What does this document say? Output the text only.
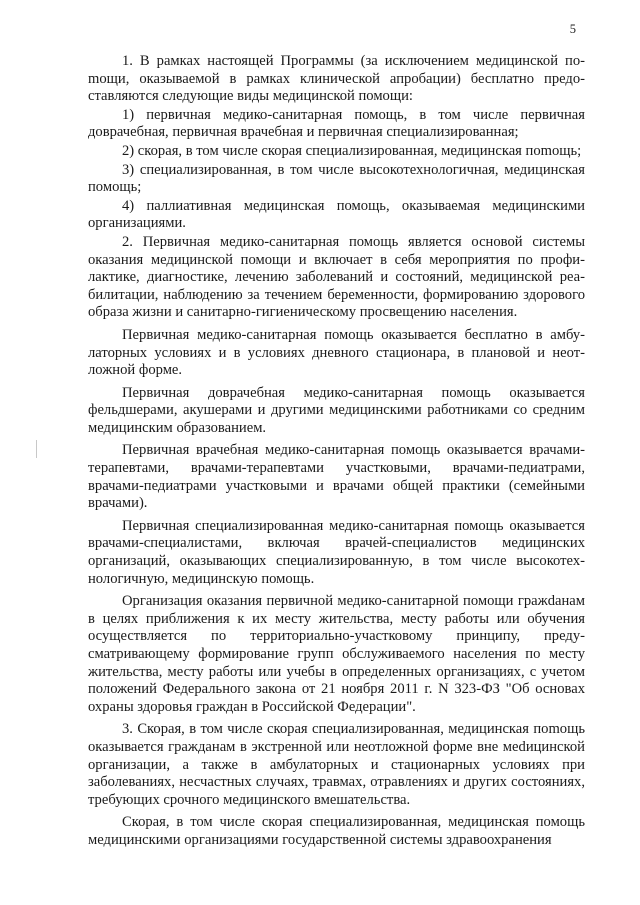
5

1. В рамках настоящей Программы (за исключением медицинской поmощи, оказываемой в рамках клинической апробации) бесплатно предоставляются следующие виды медицинской помощи:

1) первичная медико-санитарная помощь, в том числе первичная доврачебная, первичная врачебная и первичная специализированная;

2) скорая, в том числе скорая специализированная, медицинская поmощь;

3) специализированная, в том числе высокотехнологичная, медицинская помощь;

4) паллиативная медицинская помощь, оказываемая медицинскими организациями.

2. Первичная медико-санитарная помощь является основой системы оказания медицинской помощи и включает в себя мероприятия по профилактике, диагностике, лечению заболеваний и состояний, медицинской реабилитации, наблюдению за течением беременности, формированию здорового образа жизни и санитарно-гигиеническому просвещению населения.

Первичная медико-санитарная помощь оказывается бесплатно в амбулаторных условиях и в условиях дневного стационара, в плановой и неотложной форме.

Первичная доврачебная медико-санитарная помощь оказывается фельдшерами, акушерами и другими медицинскими работниками со средним медицинским образованием.

Первичная врачебная медико-санитарная помощь оказывается врачами-терапевтами, врачами-терапевтами участковыми, врачами-педиатрами, врачами-педиатрами участковыми и врачами общей практики (семейными врачами).

Первичная специализированная медико-санитарная помощь оказывается врачами-специалистами, включая врачей-специалистов медицинских организаций, оказывающих специализированную, в том числе высокотехнологичную, медицинскую помощь.

Организация оказания первичной медико-санитарной помощи гражdанам в целях приближения к их месту жительства, месту работы или обучения осуществляется по территориально-участковому принципу, предусматривающему формирование групп обслуживаемого населения по месту жительства, месту работы или учебы в определенных организациях, с учетом положений Федерального закона от 21 ноября 2011 г. N 323-ФЗ "Об основах охраны здоровья граждан в Российской Федерации".

3. Скорая, в том числе скорая специализированная, медицинская поmощь оказывается гражданам в экстренной или неотложной форме вне меdицинской организации, а также в амбулаторных и стационарных условиях при заболеваниях, несчастных случаях, травмах, отравлениях и других состояниях, требующих срочного медицинского вмешательства.

Скорая, в том числе скорая специализированная, медицинская помощь медицинскими организациями государственной системы здравоохранения
